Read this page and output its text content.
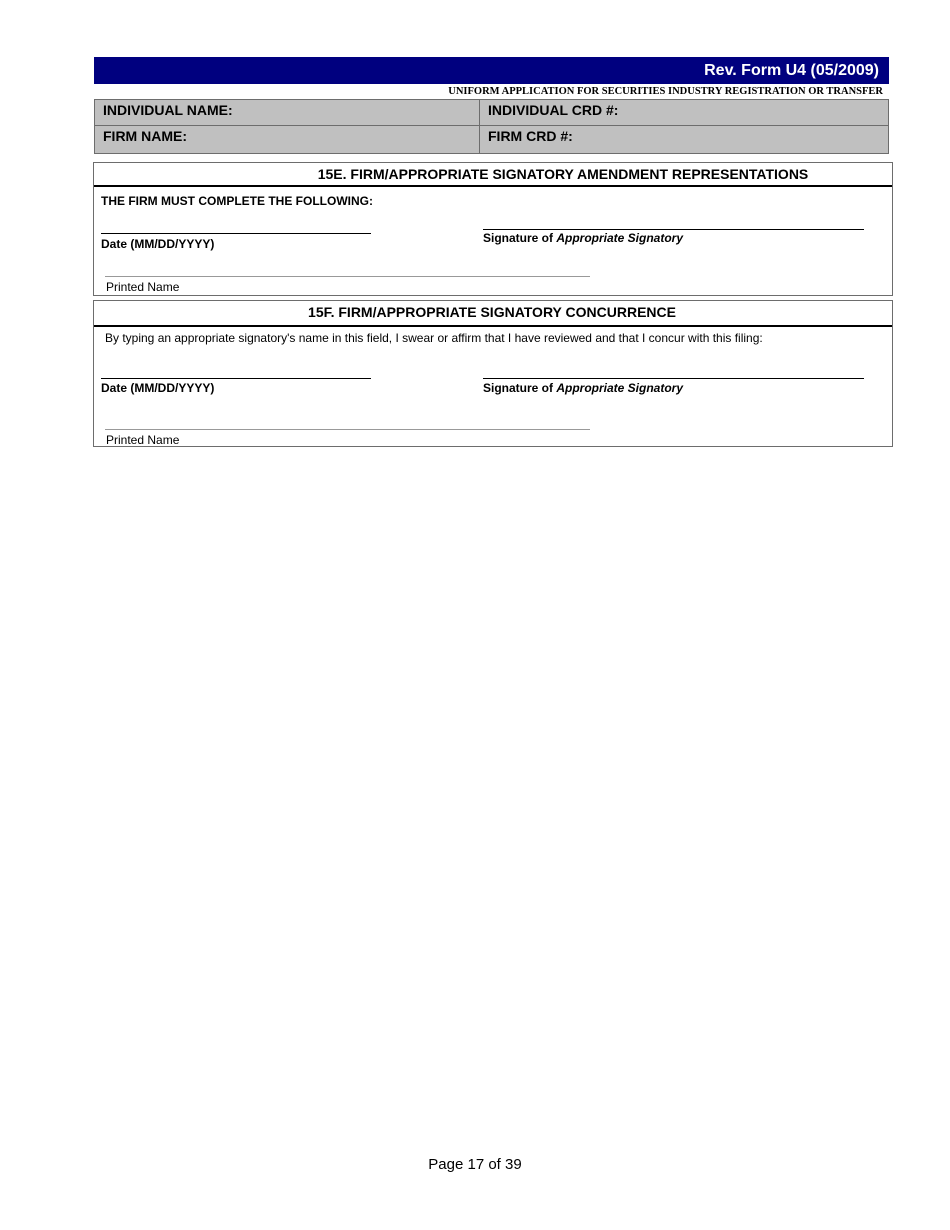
Rev. Form U4 (05/2009)
UNIFORM APPLICATION FOR SECURITIES INDUSTRY REGISTRATION OR TRANSFER
INDIVIDUAL NAME:	INDIVIDUAL CRD #:
FIRM NAME:	FIRM CRD #:
15E. FIRM/APPROPRIATE SIGNATORY AMENDMENT REPRESENTATIONS
THE FIRM MUST COMPLETE THE FOLLOWING:
Date (MM/DD/YYYY)	Signature of Appropriate Signatory
Printed Name
15F. FIRM/APPROPRIATE SIGNATORY CONCURRENCE
By typing an appropriate signatory's name in this field, I swear or affirm that I have reviewed and that I concur with this filing:
Date (MM/DD/YYYY)	Signature of Appropriate Signatory
Printed Name
Page 17 of 39
